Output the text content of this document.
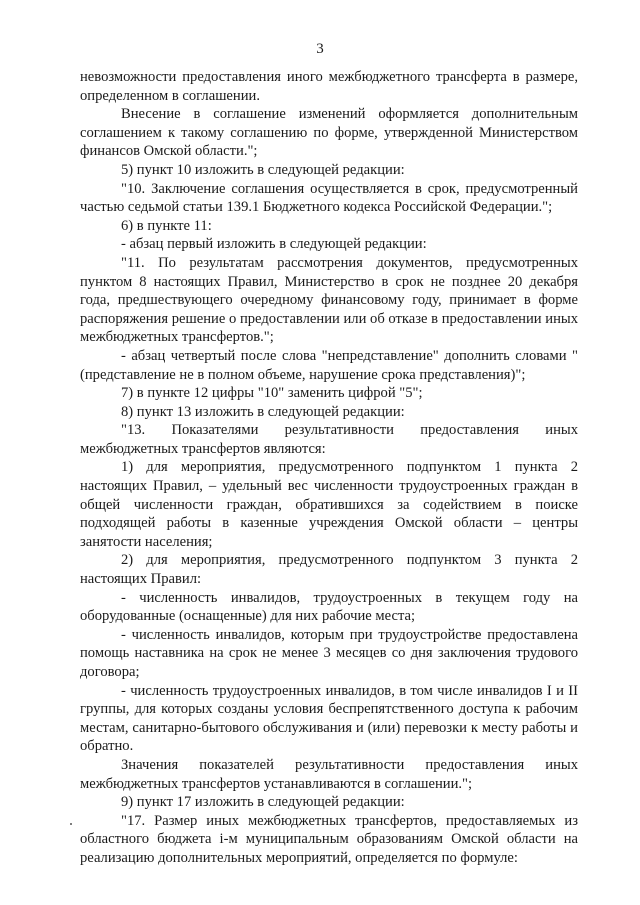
3

невозможности предоставления иного межбюджетного трансферта в размере, определенном в соглашении.

Внесение в соглашение изменений оформляется дополнительным соглашением к такому соглашению по форме, утвержденной Министерством финансов Омской области.";

5) пункт 10 изложить в следующей редакции:

"10. Заключение соглашения осуществляется в срок, предусмотренный частью седьмой статьи 139.1 Бюджетного кодекса Российской Федерации.";

6) в пункте 11:

- абзац первый изложить в следующей редакции:

"11. По результатам рассмотрения документов, предусмотренных пунктом 8 настоящих Правил, Министерство в срок не позднее 20 декабря года, предшествующего очередному финансовому году, принимает в форме распоряжения решение о предоставлении или об отказе в предоставлении иных межбюджетных трансфертов.";

- абзац четвертый после слова "непредставление" дополнить словами "(представление не в полном объеме, нарушение срока представления)";

7) в пункте 12 цифры "10" заменить цифрой "5";

8) пункт 13 изложить в следующей редакции:

"13. Показателями результативности предоставления иных межбюджетных трансфертов являются:

1) для мероприятия, предусмотренного подпунктом 1 пункта 2 настоящих Правил, – удельный вес численности трудоустроенных граждан в общей численности граждан, обратившихся за содействием в поиске подходящей работы в казенные учреждения Омской области – центры занятости населения;

2) для мероприятия, предусмотренного подпунктом 3 пункта 2 настоящих Правил:

- численность инвалидов, трудоустроенных в текущем году на оборудованные (оснащенные) для них рабочие места;

- численность инвалидов, которым при трудоустройстве предоставлена помощь наставника на срок не менее 3 месяцев со дня заключения трудового договора;

- численность трудоустроенных инвалидов, в том числе инвалидов I и II группы, для которых созданы условия беспрепятственного доступа к рабочим местам, санитарно-бытового обслуживания и (или) перевозки к месту работы и обратно.

Значения показателей результативности предоставления иных межбюджетных трансфертов устанавливаются в соглашении.";

9) пункт 17 изложить в следующей редакции:

"17. Размер иных межбюджетных трансфертов, предоставляемых из областного бюджета i-м муниципальным образованиям Омской области на реализацию дополнительных мероприятий, определяется по формуле:
